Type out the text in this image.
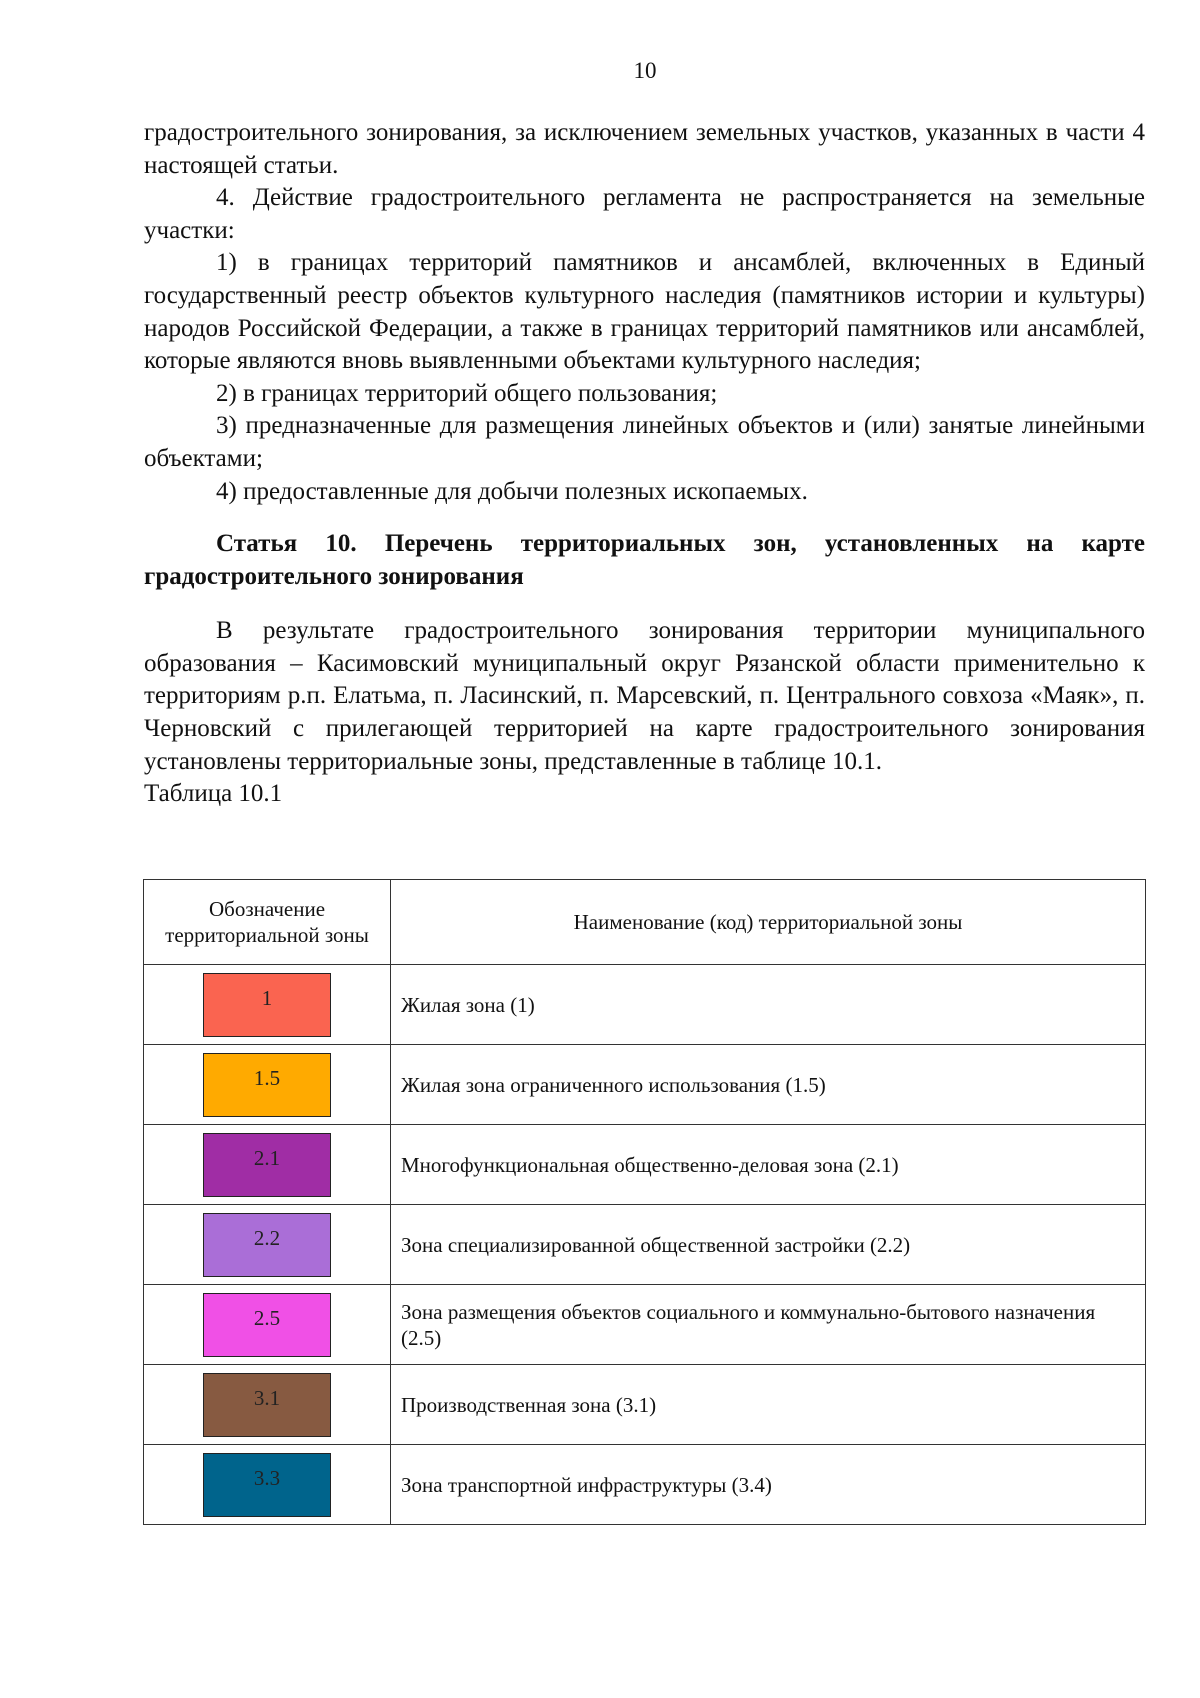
10

градостроительного зонирования, за исключением земельных участков, указанных в части 4 настоящей статьи.

4. Действие градостроительного регламента не распространяется на земельные участки:

1) в границах территорий памятников и ансамблей, включенных в Единый государственный реестр объектов культурного наследия (памятников истории и культуры) народов Российской Федерации, а также в границах территорий памятников или ансамблей, которые являются вновь выявленными объектами культурного наследия;

2) в границах территорий общего пользования;

3) предназначенные для размещения линейных объектов и (или) занятые линейными объектами;

4) предоставленные для добычи полезных ископаемых.

Статья 10. Перечень территориальных зон, установленных на карте градостроительного зонирования

В результате градостроительного зонирования территории муниципального образования – Касимовский муниципальный округ Рязанской области применительно к территориям р.п. Елатьма, п. Ласинский, п. Марсевский, п. Центрального совхоза «Маяк», п. Черновский с прилегающей территорией на карте градостроительного зонирования установлены территориальные зоны, представленные в таблице 10.1.

Таблица 10.1

Обозначение территориальной зоны	Наименование (код) территориальной зоны
1	Жилая зона (1)
1.5	Жилая зона ограниченного использования (1.5)
2.1	Многофункциональная общественно-деловая зона (2.1)
2.2	Зона специализированной общественной застройки (2.2)
2.5	Зона размещения объектов социального и коммунально-бытового назначения (2.5)
3.1	Производственная зона (3.1)
3.3	Зона транспортной инфраструктуры (3.4)
